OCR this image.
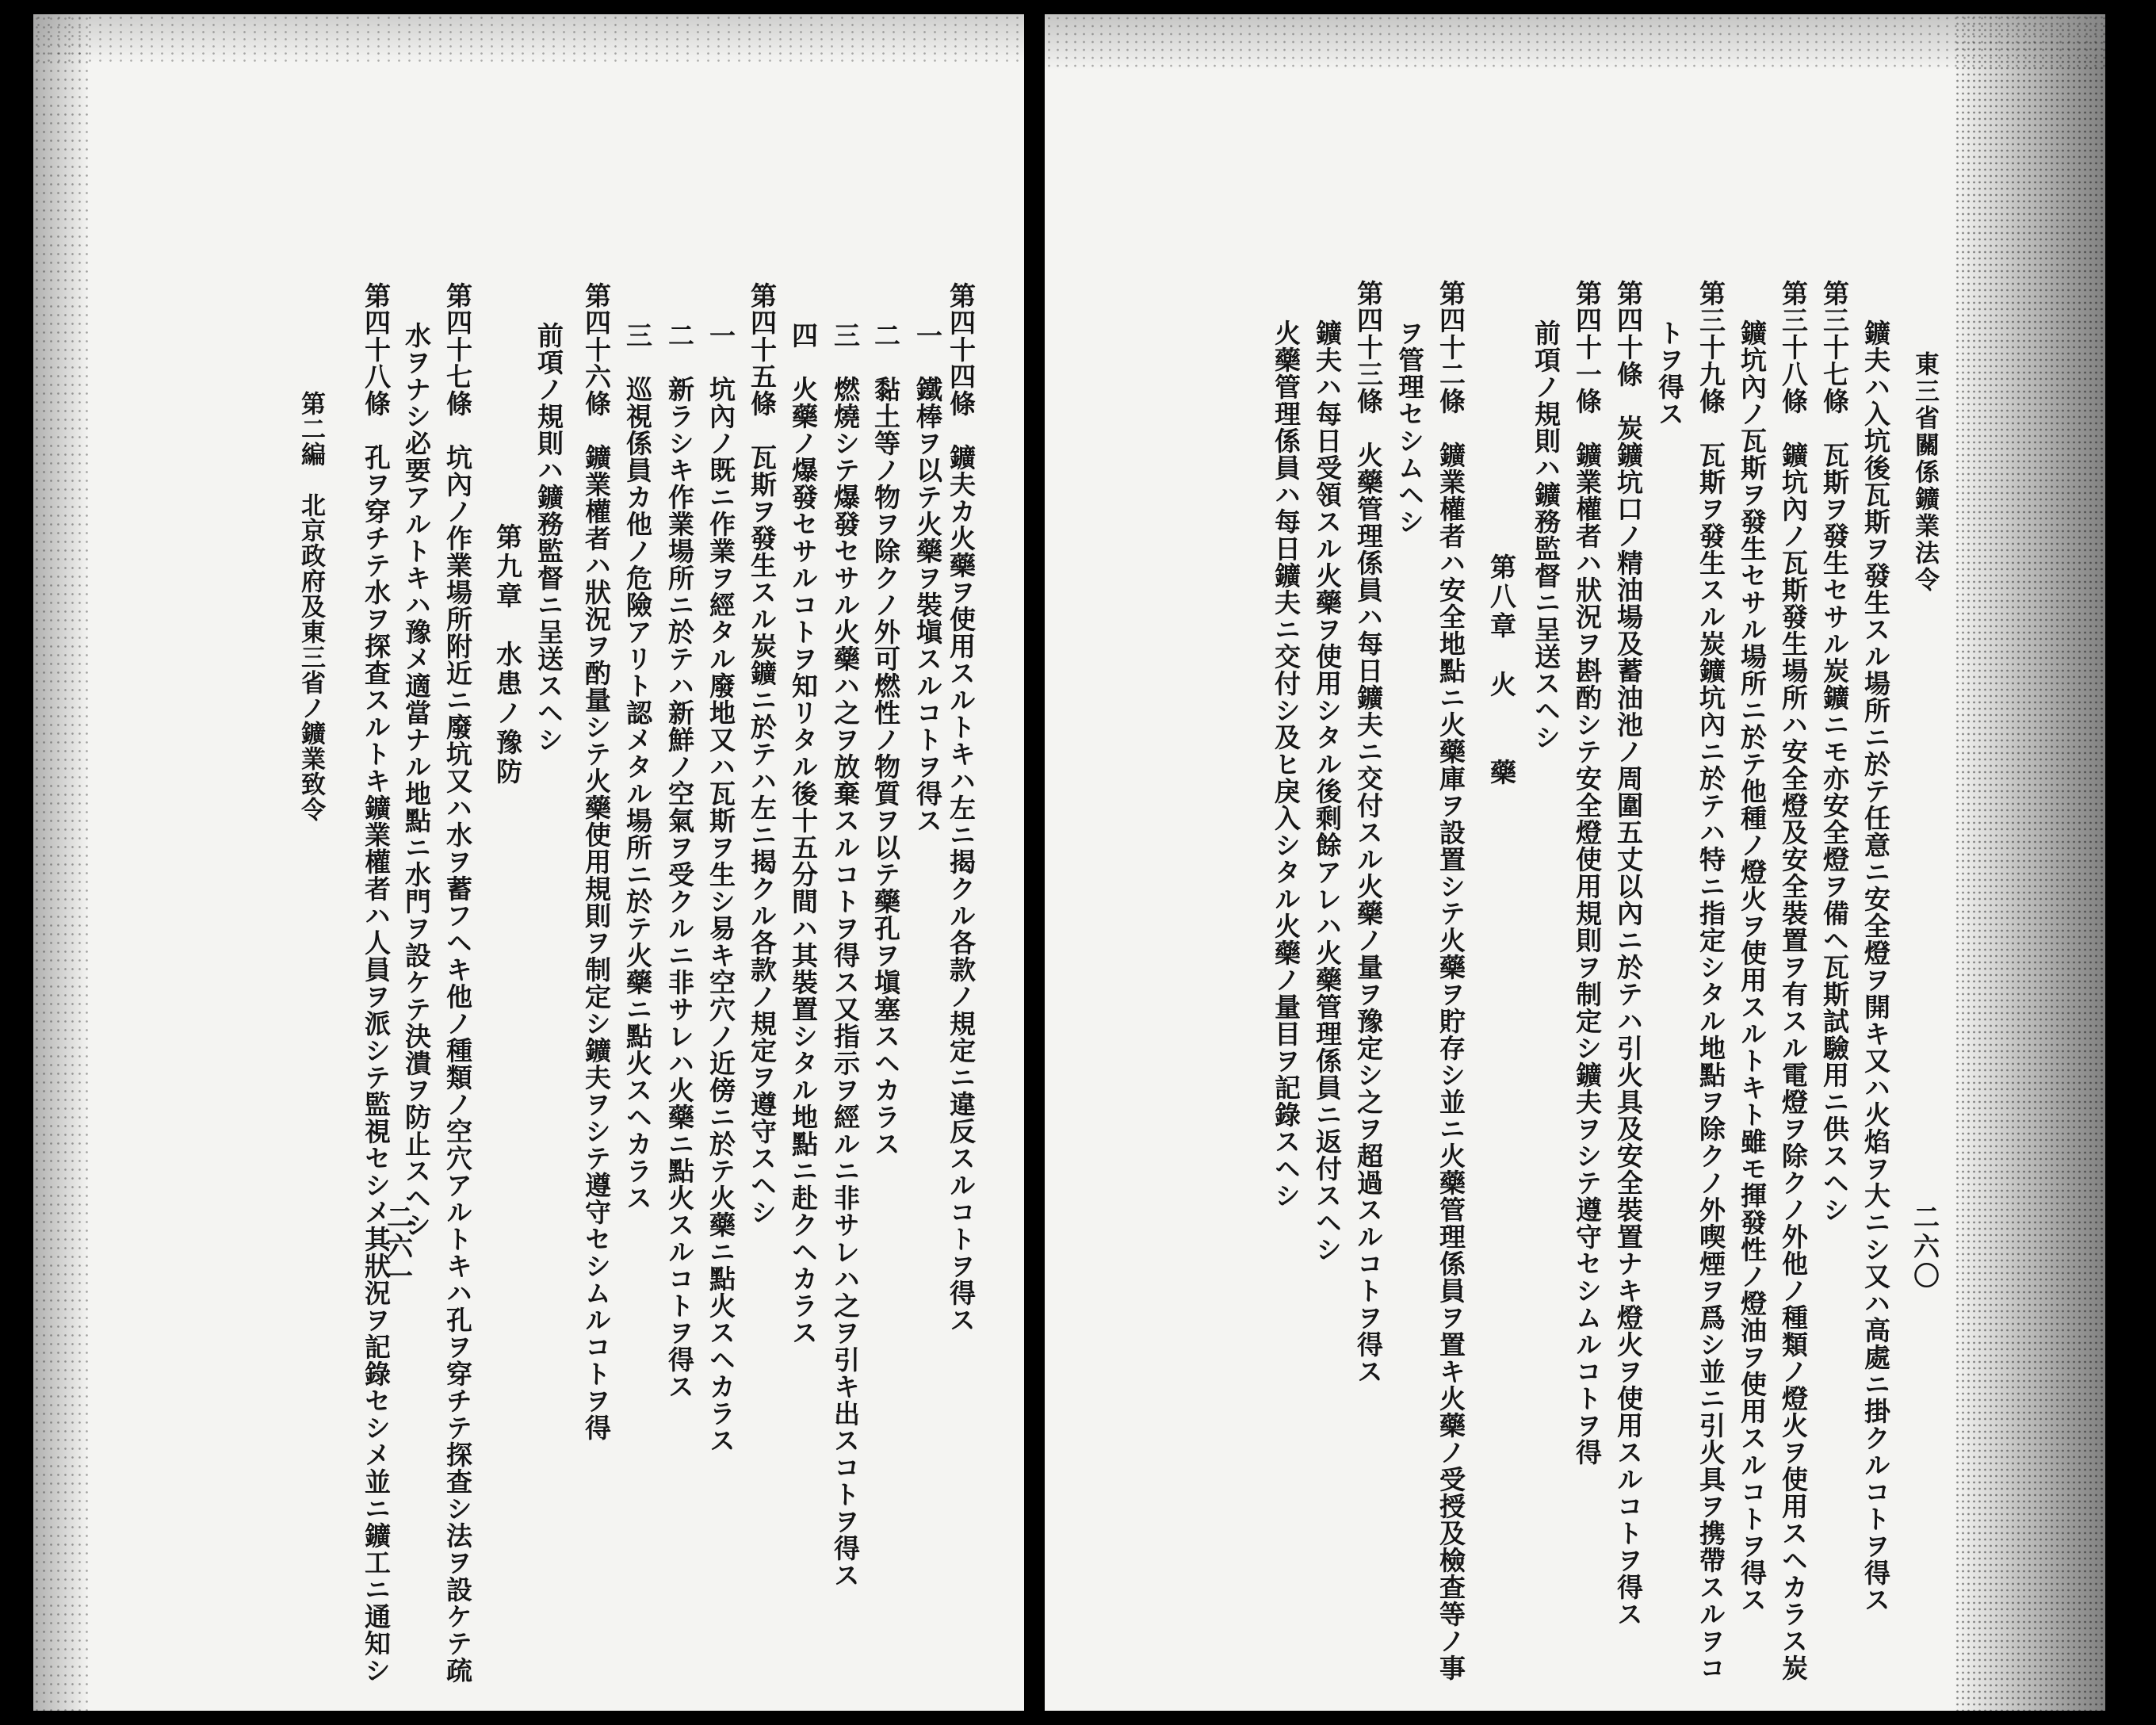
第四十四條　鑛夫カ火藥ヲ使用スルトキハ左ニ揭クル各款ノ規定ニ違反スルコトヲ得ス
一　鐵棒ヲ以テ火藥ヲ裝塡スルコトヲ得ス
二　黏土等ノ物ヲ除クノ外可燃性ノ物質ヲ以テ藥孔ヲ塡塞スヘカラス
三　燃燒シテ爆發セサル火藥ハ之ヲ放棄スルコトヲ得ス又指示ヲ經ルニ非サレハ之ヲ引キ出スコトヲ得ス
四　火藥ノ爆發セサルコトヲ知リタル後十五分間ハ其裝置シタル地點ニ赴クヘカラス
第四十五條　瓦斯ヲ發生スル炭鑛ニ於テハ左ニ揭クル各款ノ規定ヲ遵守スヘシ
一　坑內ノ既ニ作業ヲ經タル廢地又ハ瓦斯ヲ生シ易キ空穴ノ近傍ニ於テ火藥ニ點火スヘカラス
二　新ラシキ作業場所ニ於テハ新鮮ノ空氣ヲ受クルニ非サレハ火藥ニ點火スルコトヲ得ス
三　巡視係員カ他ノ危險アリト認メタル場所ニ於テ火藥ニ點火スヘカラス
第四十六條　鑛業權者ハ狀況ヲ酌量シテ火藥使用規則ヲ制定シ鑛夫ヲシテ遵守セシムルコトヲ得
前項ノ規則ハ鑛務監督ニ呈送スヘシ
第九章　水患ノ豫防
第四十七條　坑內ノ作業場所附近ニ廢坑又ハ水ヲ蓄フヘキ他ノ種類ノ空穴アルトキハ孔ヲ穿チテ探查シ法ヲ設ケテ疏
水ヲナシ必要アルトキハ豫メ適當ナル地點ニ水門ヲ設ケテ決潰ヲ防止スヘシ
第四十八條　孔ヲ穿チテ水ヲ探查スルトキ鑛業權者ハ人員ヲ派シテ監視セシメ其狀況ヲ記錄セシメ並ニ鑛工ニ通知シ
二六一
第二編　北京政府及東三省ノ鑛業致令	東三省關係鑛業法令
二六〇
鑛夫ハ入坑後瓦斯ヲ發生スル場所ニ於テ任意ニ安全燈ヲ開キ又ハ火焰ヲ大ニシ又ハ高處ニ掛クルコトヲ得ス
第三十七條　瓦斯ヲ發生セサル炭鑛ニモ亦安全燈ヲ備ヘ瓦斯試驗用ニ供スヘシ
第三十八條　鑛坑內ノ瓦斯發生場所ハ安全燈及安全裝置ヲ有スル電燈ヲ除クノ外他ノ種類ノ燈火ヲ使用スヘカラス炭
鑛坑內ノ瓦斯ヲ發生セサル場所ニ於テ他種ノ燈火ヲ使用スルトキト雖モ揮發性ノ燈油ヲ使用スルコトヲ得ス
第三十九條　瓦斯ヲ發生スル炭鑛坑內ニ於テハ特ニ指定シタル地點ヲ除クノ外喫煙ヲ爲シ並ニ引火具ヲ携帶スルヲコ
トヲ得ス
第四十條　炭鑛坑口ノ精油場及蓄油池ノ周圍五丈以內ニ於テハ引火具及安全裝置ナキ燈火ヲ使用スルコトヲ得ス
第四十一條　鑛業權者ハ狀況ヲ斟酌シテ安全燈使用規則ヲ制定シ鑛夫ヲシテ遵守セシムルコトヲ得
前項ノ規則ハ鑛務監督ニ呈送スヘシ
第八章　火　　藥
第四十二條　鑛業權者ハ安全地點ニ火藥庫ヲ設置シテ火藥ヲ貯存シ並ニ火藥管理係員ヲ置キ火藥ノ受授及檢查等ノ事
ヲ管理セシムヘシ
第四十三條　火藥管理係員ハ每日鑛夫ニ交付スル火藥ノ量ヲ豫定シ之ヲ超過スルコトヲ得ス
鑛夫ハ每日受領スル火藥ヲ使用シタル後剩餘アレハ火藥管理係員ニ返付スヘシ
火藥管理係員ハ每日鑛夫ニ交付シ及ヒ戾入シタル火藥ノ量目ヲ記錄スヘシ
